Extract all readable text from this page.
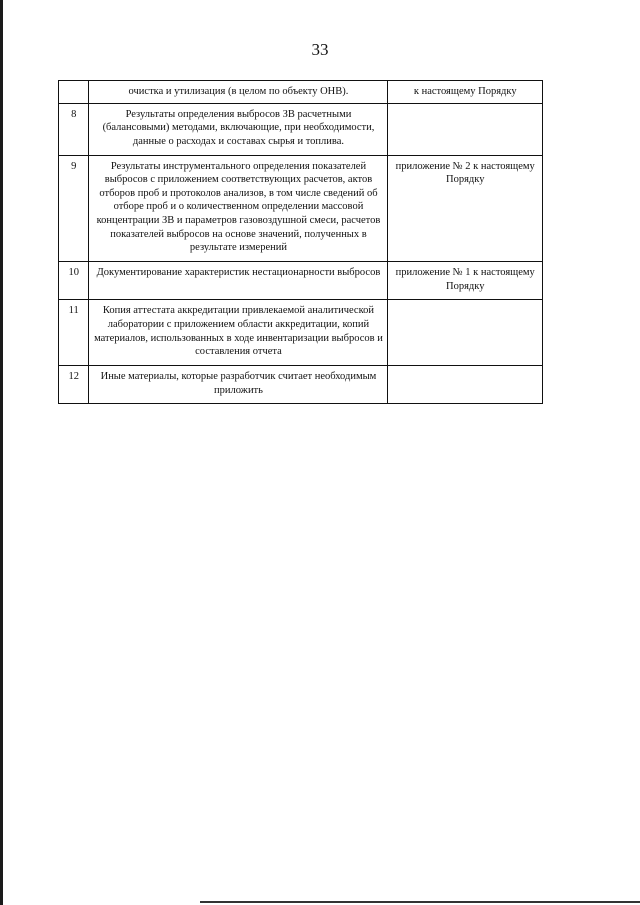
33
	очистка и утилизация (в целом по объекту ОНВ).	к настоящему Порядку
8	Результаты определения выбросов ЗВ расчетными (балансовыми) методами, включающие, при необходимости, данные о расходах и составах сырья и топлива.	
9	Результаты инструментального определения показателей выбросов с приложением соответствующих расчетов, актов отборов проб и протоколов анализов, в том числе сведений об отборе проб и о количественном определении массовой концентрации ЗВ и параметров газовоздушной смеси, расчетов показателей выбросов на основе значений, полученных в результате измерений	приложение № 2 к настоящему Порядку
10	Документирование характеристик нестационарности выбросов	приложение № 1 к настоящему Порядку
11	Копия аттестата аккредитации привлекаемой аналитической лаборатории с приложением области аккредитации, копий материалов, использованных в ходе инвентаризации выбросов и составления отчета	
12	Иные материалы, которые разработчик считает необходимым приложить	
